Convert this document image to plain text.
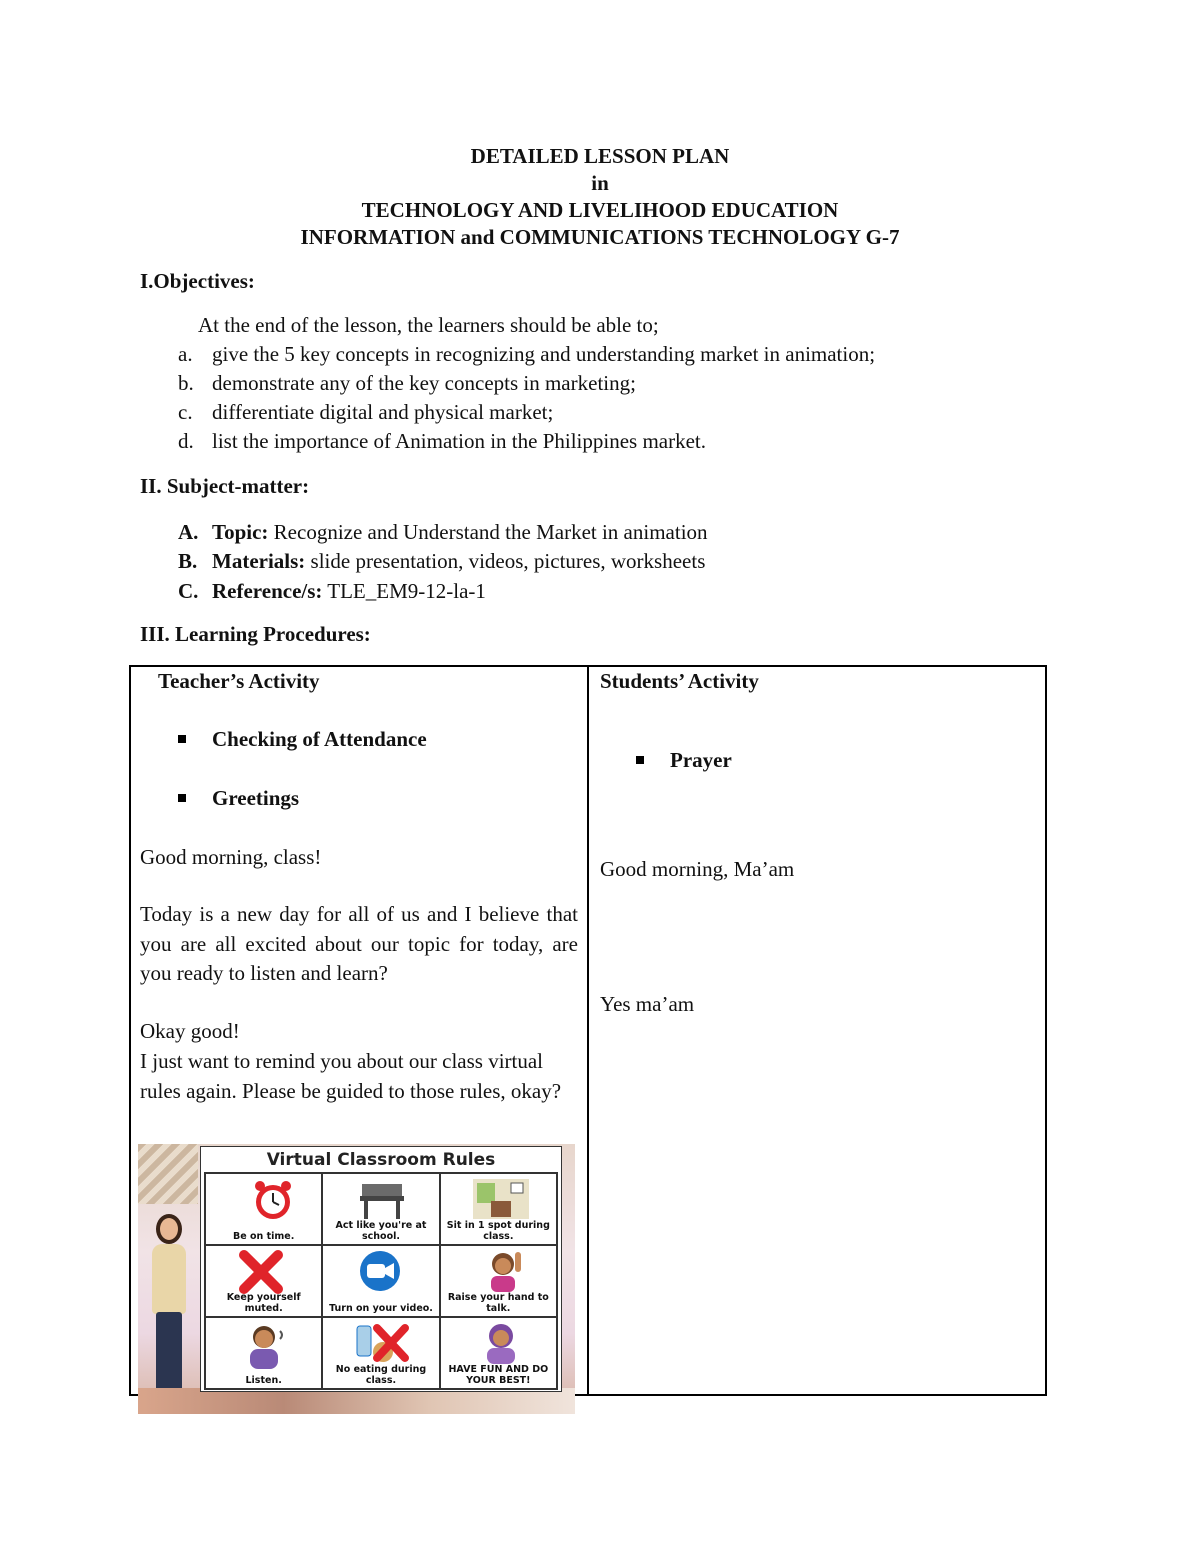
DETAILED LESSON PLAN
in
TECHNOLOGY AND LIVELIHOOD EDUCATION
INFORMATION and COMMUNICATIONS TECHNOLOGY G-7
I.Objectives:
At the end of the lesson, the learners should be able to;
a. give the 5 key concepts in recognizing and understanding market in animation;
b. demonstrate any of the key concepts in marketing;
c. differentiate digital and physical market;
d. list the importance of Animation in the Philippines market.
II. Subject-matter:
A. Topic: Recognize and Understand the Market in animation
B. Materials: slide presentation, videos, pictures, worksheets
C. Reference/s: TLE_EM9-12-la-1
III. Learning Procedures:
Teacher’s Activity
Checking of Attendance
Greetings
Good morning, class!
Today is a new day for all of us and I believe that you are all excited about our topic for today, are you ready to listen and learn?
Okay good!
I just want to remind you about our class virtual rules again. Please be guided to those rules, okay?
Virtual Classroom Rules
Be on time.
Act like you're at school.
Sit in 1 spot during class.
Keep yourself muted.	Turn on your video.
Raise your hand to talk.
Listen.
No eating during class.
HAVE FUN AND DO YOUR BEST!
Students’ Activity
Prayer
Good morning, Ma’am
Yes ma’am
